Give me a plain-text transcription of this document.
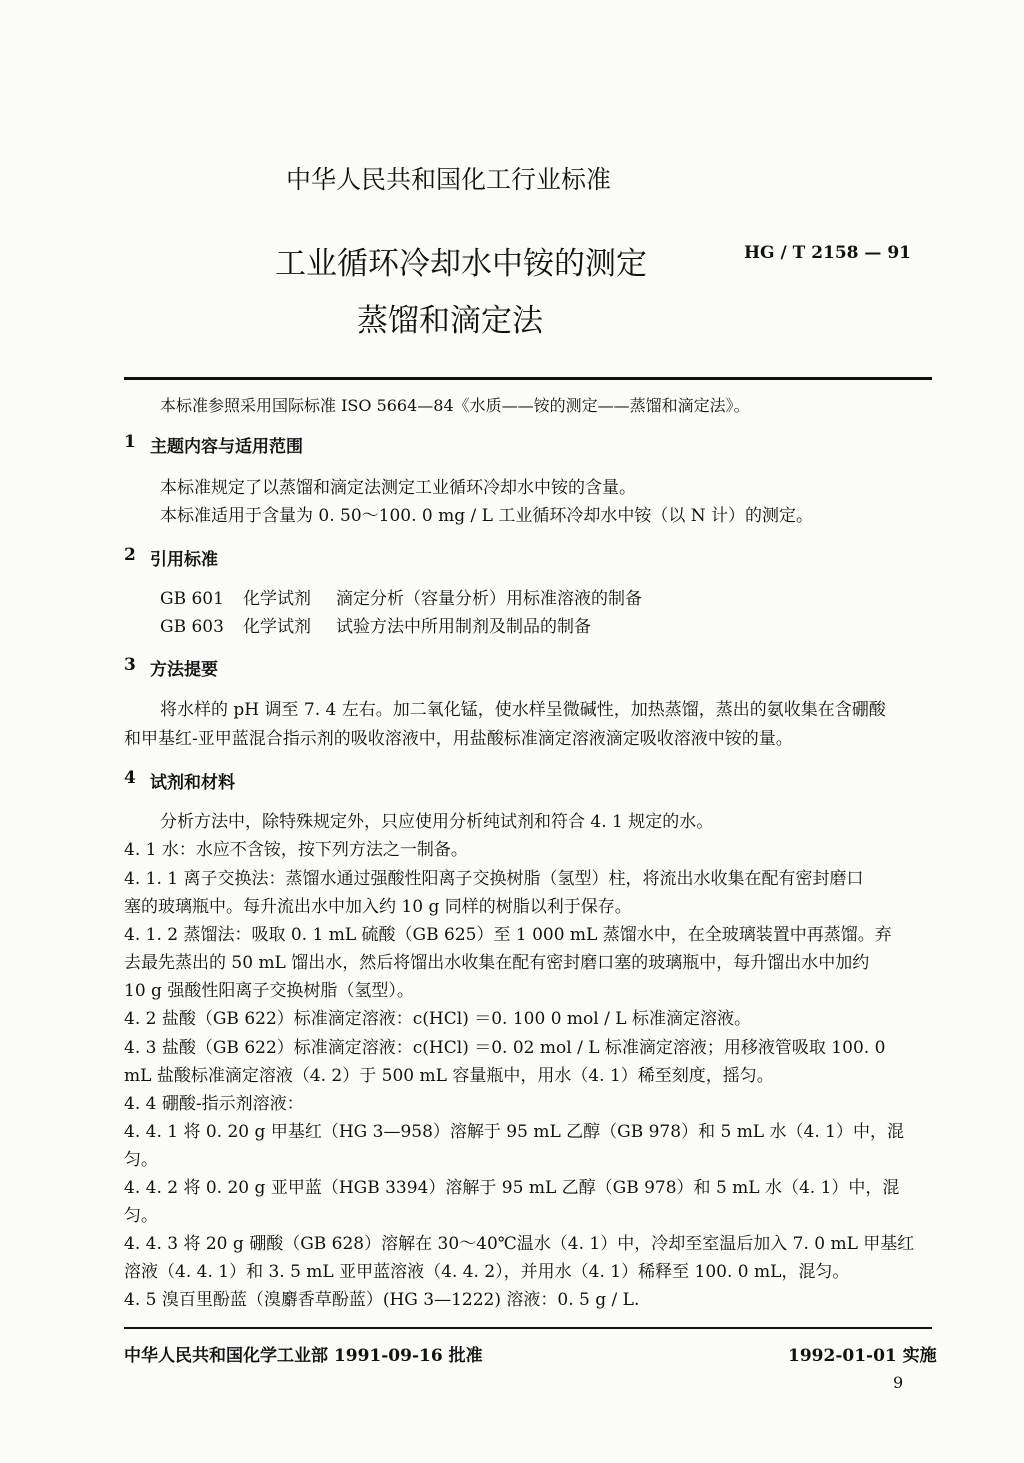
中华人民共和国化工行业标准
工业循环冷却水中铵的测定	HG / T 2158 — 91
蒸馏和滴定法
本标准参照采用国际标准 ISO 5664—84《水质——铵的测定——蒸馏和滴定法》。
1 主题内容与适用范围
本标准规定了以蒸馏和滴定法测定工业循环冷却水中铵的含量。
本标准适用于含量为 0. 50～100. 0 mg / L 工业循环冷却水中铵（以 N 计）的测定。
2 引用标准
GB 601 化学试剂 滴定分析（容量分析）用标准溶液的制备
GB 603 化学试剂 试验方法中所用制剂及制品的制备
3 方法提要
将水样的 pH 调至 7. 4 左右。加二氧化锰，使水样呈微碱性，加热蒸馏，蒸出的氨收集在含硼酸
和甲基红-亚甲蓝混合指示剂的吸收溶液中，用盐酸标准滴定溶液滴定吸收溶液中铵的量。
4 试剂和材料
分析方法中，除特殊规定外，只应使用分析纯试剂和符合 4. 1 规定的水。
4. 1 水：水应不含铵，按下列方法之一制备。
4. 1. 1 离子交换法：蒸馏水通过强酸性阳离子交换树脂（氢型）柱，将流出水收集在配有密封磨口
塞的玻璃瓶中。每升流出水中加入约 10 g 同样的树脂以利于保存。
4. 1. 2 蒸馏法：吸取 0. 1 mL 硫酸（GB 625）至 1 000 mL 蒸馏水中，在全玻璃装置中再蒸馏。弃
去最先蒸出的 50 mL 馏出水，然后将馏出水收集在配有密封磨口塞的玻璃瓶中，每升馏出水中加约
10 g 强酸性阳离子交换树脂（氢型）。
4. 2 盐酸（GB 622）标准滴定溶液：c(HCl) ＝0. 100 0 mol / L 标准滴定溶液。
4. 3 盐酸（GB 622）标准滴定溶液：c(HCl) ＝0. 02 mol / L 标准滴定溶液；用移液管吸取 100. 0
mL 盐酸标准滴定溶液（4. 2）于 500 mL 容量瓶中，用水（4. 1）稀至刻度，摇匀。
4. 4 硼酸-指示剂溶液：
4. 4. 1 将 0. 20 g 甲基红（HG 3—958）溶解于 95 mL 乙醇（GB 978）和 5 mL 水（4. 1）中，混
匀。
4. 4. 2 将 0. 20 g 亚甲蓝（HGB 3394）溶解于 95 mL 乙醇（GB 978）和 5 mL 水（4. 1）中，混
匀。
4. 4. 3 将 20 g 硼酸（GB 628）溶解在 30～40℃温水（4. 1）中，冷却至室温后加入 7. 0 mL 甲基红
溶液（4. 4. 1）和 3. 5 mL 亚甲蓝溶液（4. 4. 2），并用水（4. 1）稀释至 100. 0 mL，混匀。
4. 5 溴百里酚蓝（溴麝香草酚蓝）(HG 3—1222) 溶液：0. 5 g / L.
中华人民共和国化学工业部 1991-09-16 批准	1992-01-01 实施
9
